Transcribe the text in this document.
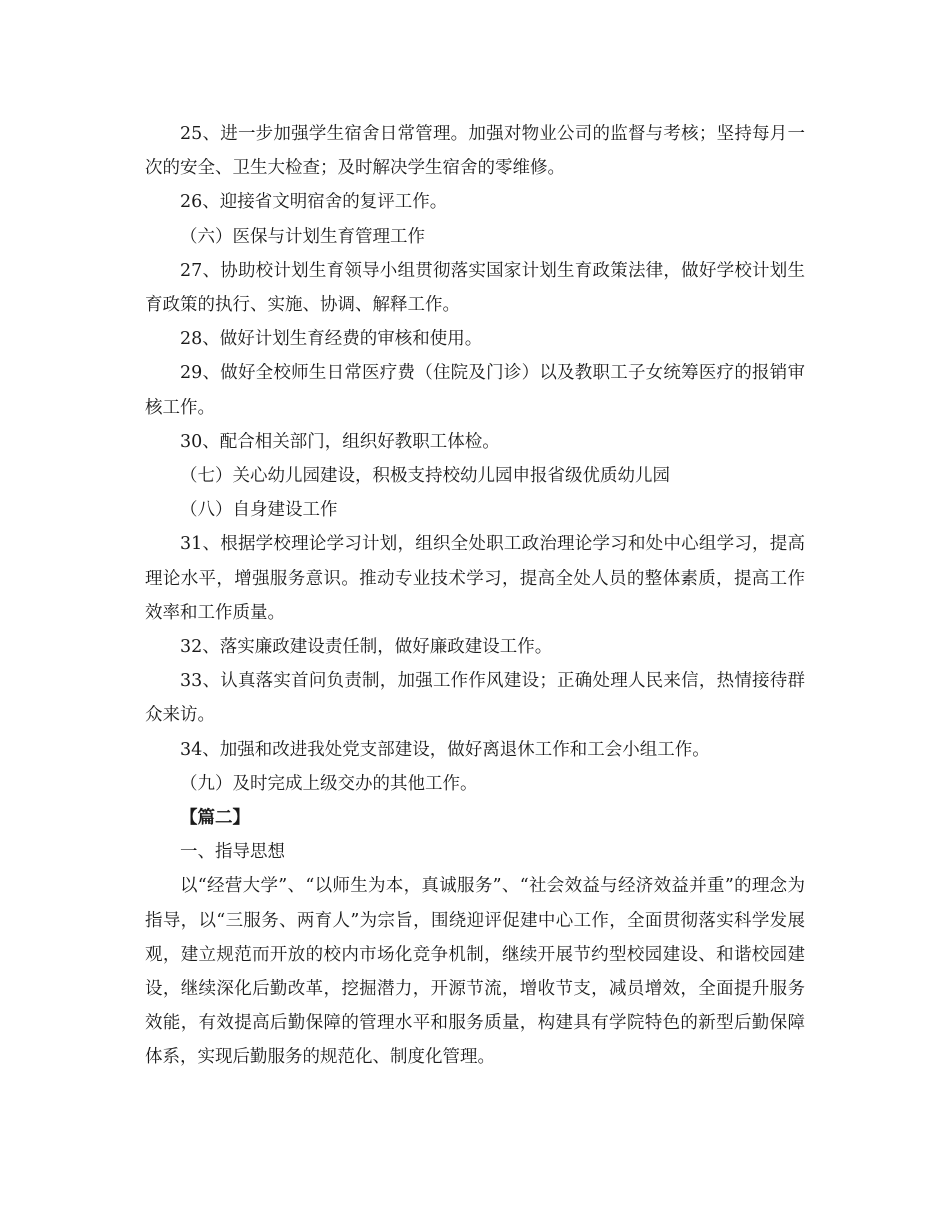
25、进一步加强学生宿舍日常管理。加强对物业公司的监督与考核；坚持每月一次的安全、卫生大检查；及时解决学生宿舍的零维修。

26、迎接省文明宿舍的复评工作。

（六）医保与计划生育管理工作

27、协助校计划生育领导小组贯彻落实国家计划生育政策法律，做好学校计划生育政策的执行、实施、协调、解释工作。

28、做好计划生育经费的审核和使用。

29、做好全校师生日常医疗费（住院及门诊）以及教职工子女统筹医疗的报销审核工作。

30、配合相关部门，组织好教职工体检。

（七）关心幼儿园建设，积极支持校幼儿园申报省级优质幼儿园

（八）自身建设工作

31、根据学校理论学习计划，组织全处职工政治理论学习和处中心组学习，提高理论水平，增强服务意识。推动专业技术学习，提高全处人员的整体素质，提高工作效率和工作质量。

32、落实廉政建设责任制，做好廉政建设工作。

33、认真落实首问负责制，加强工作作风建设；正确处理人民来信，热情接待群众来访。

34、加强和改进我处党支部建设，做好离退休工作和工会小组工作。

（九）及时完成上级交办的其他工作。

【篇二】

一、指导思想

以“经营大学”、“以师生为本，真诚服务”、“社会效益与经济效益并重”的理念为指导，以“三服务、两育人”为宗旨，围绕迎评促建中心工作，全面贯彻落实科学发展观，建立规范而开放的校内市场化竞争机制，继续开展节约型校园建设、和谐校园建设，继续深化后勤改革，挖掘潜力，开源节流，增收节支，减员增效，全面提升服务效能，有效提高后勤保障的管理水平和服务质量，构建具有学院特色的新型后勤保障体系，实现后勤服务的规范化、制度化管理。
